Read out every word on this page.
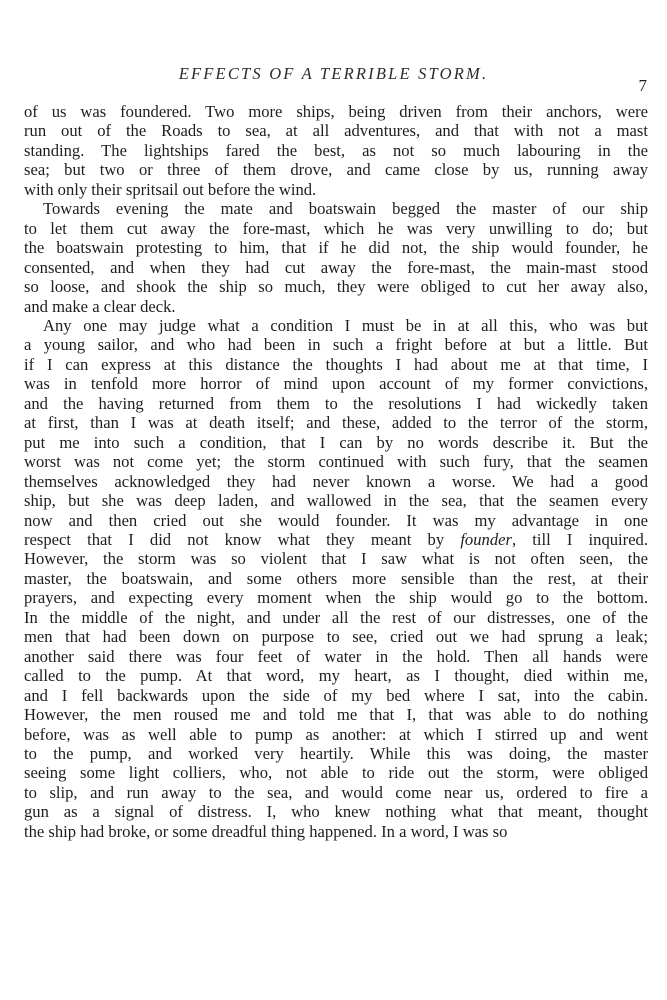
EFFECTS OF A TERRIBLE STORM.
7
of us was foundered. Two more ships, being driven from their anchors, were
run out of the Roads to sea, at all adventures, and that with not a mast
standing. The lightships fared the best, as not so much labouring in the
sea; but two or three of them drove, and came close by us, running away
with only their spritsail out before the wind.
Towards evening the mate and boatswain begged the master of our ship
to let them cut away the fore-mast, which he was very unwilling to do; but
the boatswain protesting to him, that if he did not, the ship would founder, he
consented, and when they had cut away the fore-mast, the main-mast stood
so loose, and shook the ship so much, they were obliged to cut her away also,
and make a clear deck.
Any one may judge what a condition I must be in at all this, who was but
a young sailor, and who had been in such a fright before at but a little. But
if I can express at this distance the thoughts I had about me at that time, I
was in tenfold more horror of mind upon account of my former convictions,
and the having returned from them to the resolutions I had wickedly taken
at first, than I was at death itself; and these, added to the terror of the storm,
put me into such a condition, that I can by no words describe it. But the
worst was not come yet; the storm continued with such fury, that the seamen
themselves acknowledged they had never known a worse. We had a good
ship, but she was deep laden, and wallowed in the sea, that the seamen every
now and then cried out she would founder. It was my advantage in one
respect that I did not know what they meant by founder, till I inquired.
However, the storm was so violent that I saw what is not often seen, the
master, the boatswain, and some others more sensible than the rest, at their
prayers, and expecting every moment when the ship would go to the bottom.
In the middle of the night, and under all the rest of our distresses, one of the
men that had been down on purpose to see, cried out we had sprung a leak;
another said there was four feet of water in the hold. Then all hands were
called to the pump. At that word, my heart, as I thought, died within me,
and I fell backwards upon the side of my bed where I sat, into the cabin.
However, the men roused me and told me that I, that was able to do nothing
before, was as well able to pump as another: at which I stirred up and went
to the pump, and worked very heartily. While this was doing, the master
seeing some light colliers, who, not able to ride out the storm, were obliged
to slip, and run away to the sea, and would come near us, ordered to fire a
gun as a signal of distress. I, who knew nothing what that meant, thought
the ship had broke, or some dreadful thing happened. In a word, I was so
